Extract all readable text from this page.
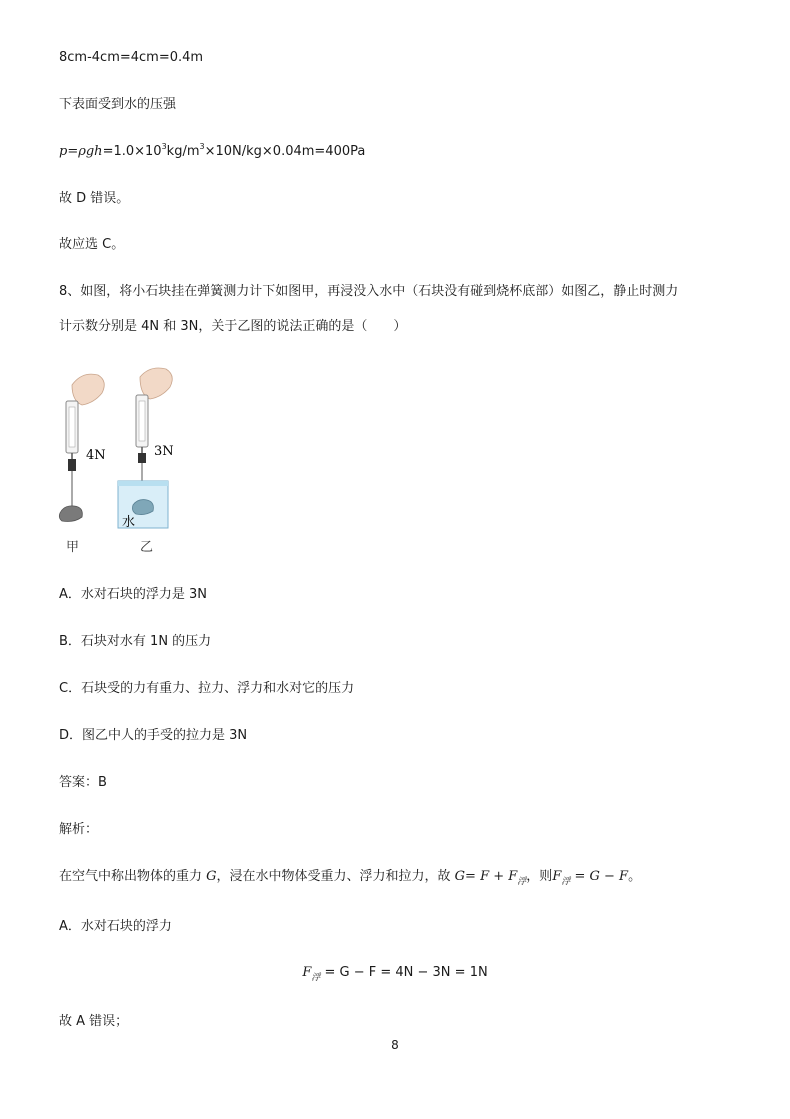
8cm-4cm=4cm=0.4m
下表面受到水的压强
$p=\rho gh=1.0\times 10^3kg/m^3\times 10N/kg\times 0.04m=400Pa$
故 D 错误。
故应选 C。
8、如图，将小石块挂在弹簧测力计下如图甲，再浸没入水中（石块没有碰到烧杯底部）如图乙，静止时测力
计示数分别是 4N 和 3N，关于乙图的说法正确的是（　　）
4N	3N
水
甲	乙
A．水对石块的浮力是 3N
B．石块对水有 1N 的压力
C．石块受的力有重力、拉力、浮力和水对它的压力
D．图乙中人的手受的拉力是 3N
答案：B
解析：
在空气中称出物体的重力 G，浸在水中物体受重力、浮力和拉力，故 $G= F + F_浮$，则$F_浮 = G - F$。
A．水对石块的浮力
$F_浮 = G - F = 4N - 3N = 1N$
故 A 错误；
8
